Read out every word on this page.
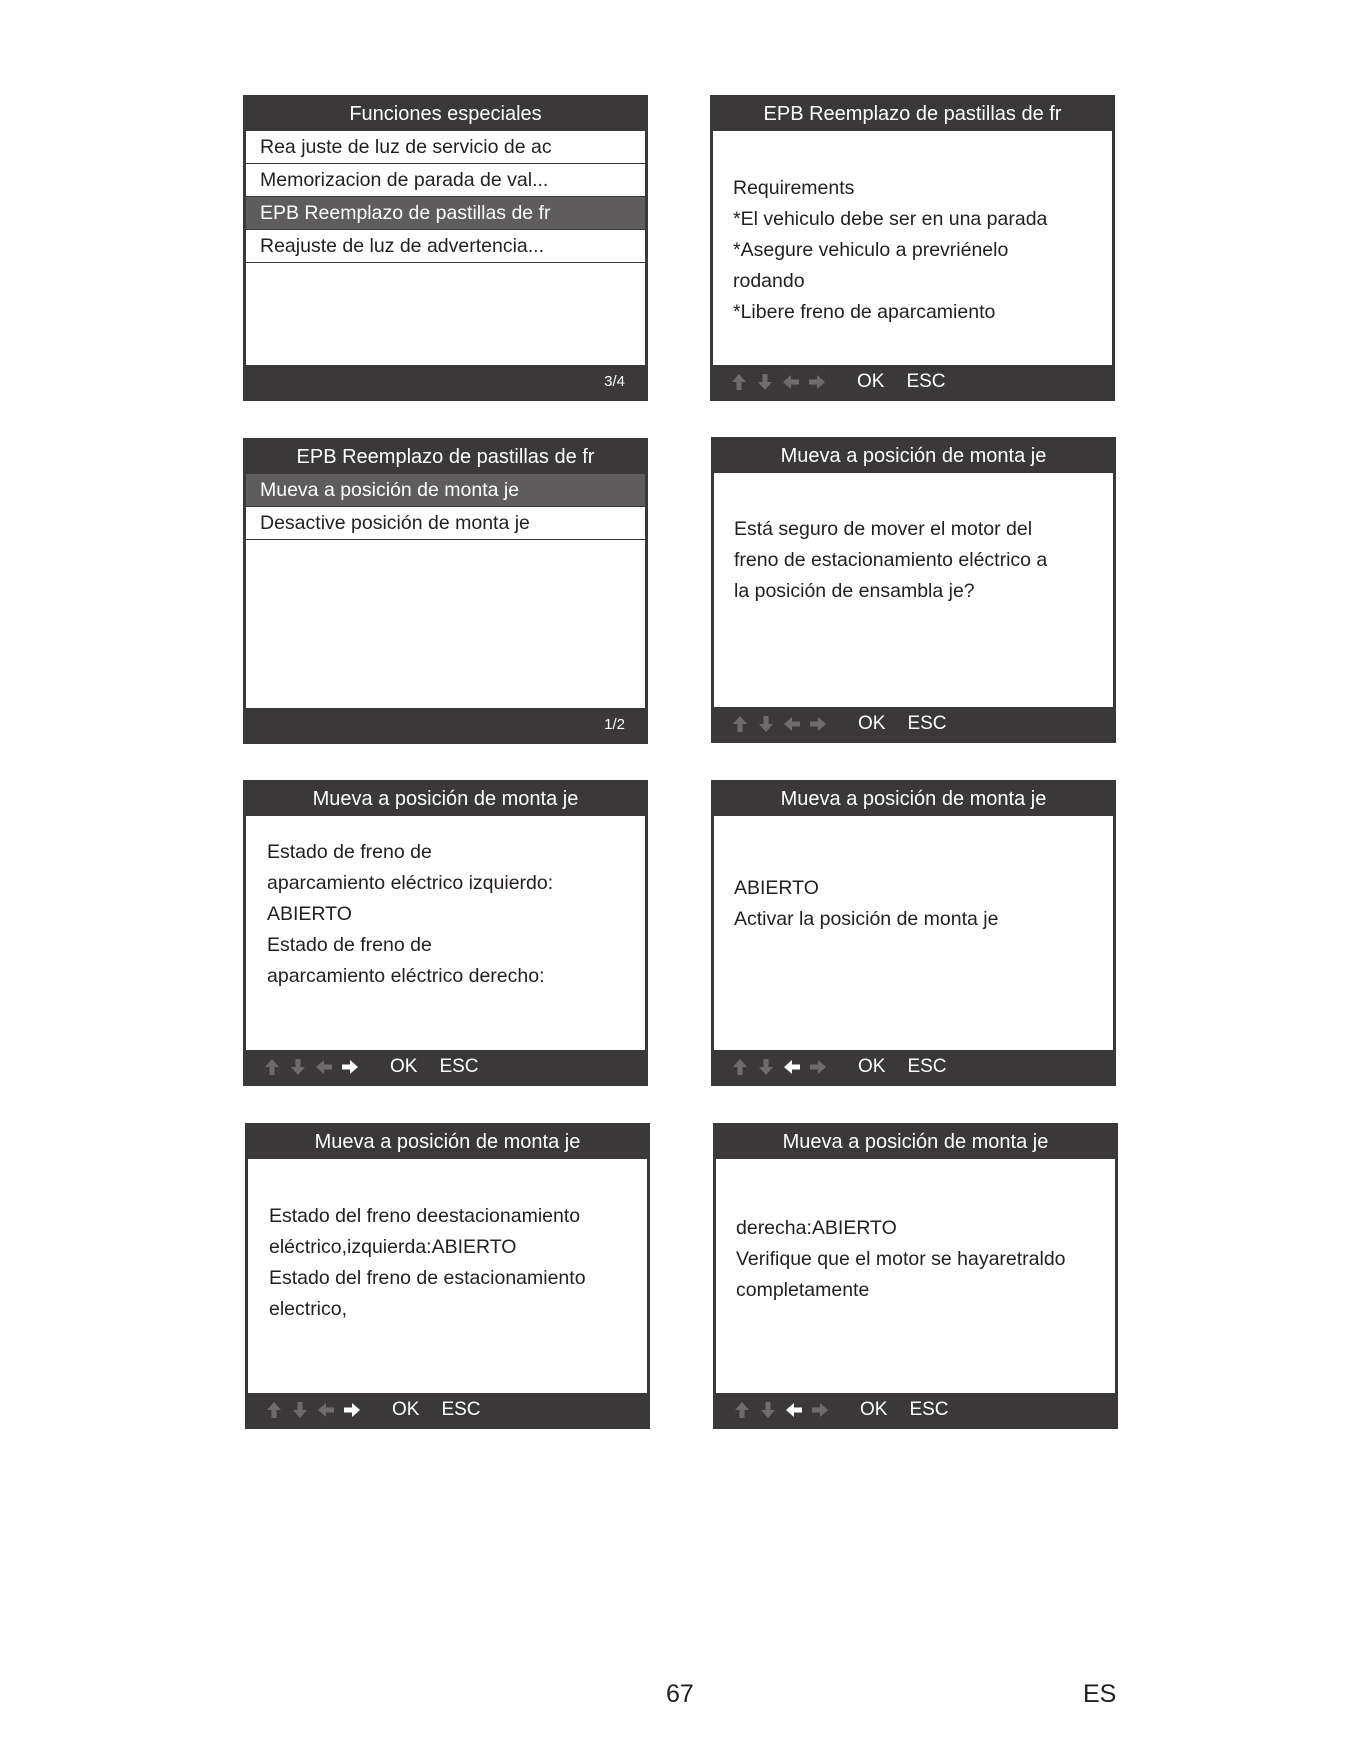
Funciones especiales
Rea juste de luz de servicio de ac
Memorizacion de parada de val...
EPB Reemplazo de pastillas de fr
Reajuste de luz de advertencia...
3/4
EPB Reemplazo de pastillas de fr
Requirements
*El vehiculo debe ser en una parada
*Asegure vehiculo a prevriénelo
rodando
*Libere freno de aparcamiento
OK ESC
EPB Reemplazo de pastillas de fr
Mueva a posición de monta je
Desactive posición de monta je
1/2
Mueva a posición de monta je
Está seguro de mover el motor del
freno de estacionamiento eléctrico a
la posición de ensambla je?
OK ESC
Mueva a posición de monta je
Estado de freno de
aparcamiento eléctrico izquierdo:
ABIERTO
Estado de freno de
aparcamiento eléctrico derecho:
OK ESC
Mueva a posición de monta je
ABIERTO
Activar la posición de monta je
OK ESC
Mueva a posición de monta je
Estado del freno deestacionamiento
eléctrico,izquierda:ABIERTO
Estado del freno de estacionamiento
electrico,
OK ESC
Mueva a posición de monta je
derecha:ABIERTO
Verifique que el motor se hayaretraldo
completamente
OK ESC
67	ES
